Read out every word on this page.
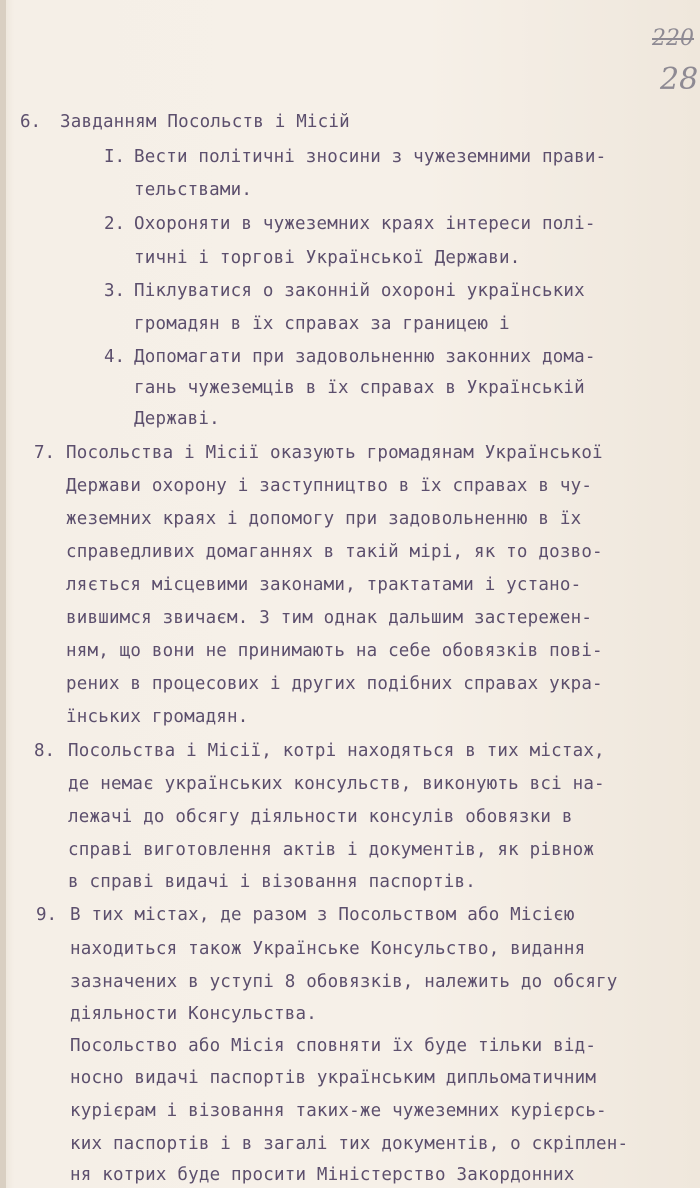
220
28
6. Завданням Посольств і Місій
I. Вести політичні зносини з чужеземними прави-
тельствами.
2. Охороняти в чужеземних краях інтереси полі-
тичні і торгові Української Держави.
3. Піклуватися о законній охороні українських
громадян в їх справах за границею і
4. Допомагати при задовольненню законних дома-
гань чужеземців в їх справах в Українській
Державі.
7. Посольства і Місії оказують громадянам Української
Держави охорону і заступництво в їх справах в чу-
жеземних краях і допомогу при задовольненню в їх
справедливих домаганнях в такій мірі, як то дозво-
ляється місцевими законами, трактатами і устано-
вившимся звичаєм. З тим однак дальшим застережен-
ням, що вони не принимають на себе обовязків пові-
рених в процесових і других подібних справах укра-
їнських громадян.
8. Посольства і Місії, котрі находяться в тих містах,
де немає українських консульств, виконують всі на-
лежачі до обсягу діяльности консулів обовязки в
справі виготовлення актів і документів, як рівнож
в справі видачі і візовання паспортів.
9. В тих містах, де разом з Посольством або Місією
находиться також Українське Консульство, видання
зазначених в уступі 8 обовязків, належить до обсягу
діяльности Консульства.
Посольство або Місія сповняти їх буде тільки від-
носно видачі паспортів українським дипльоматичним
курієрам і візовання таких-же чужеземних курієрсь-
ких паспортів і в загалі тих документів, о скріплен-
ня котрих буде просити Міністерство Закордонних
